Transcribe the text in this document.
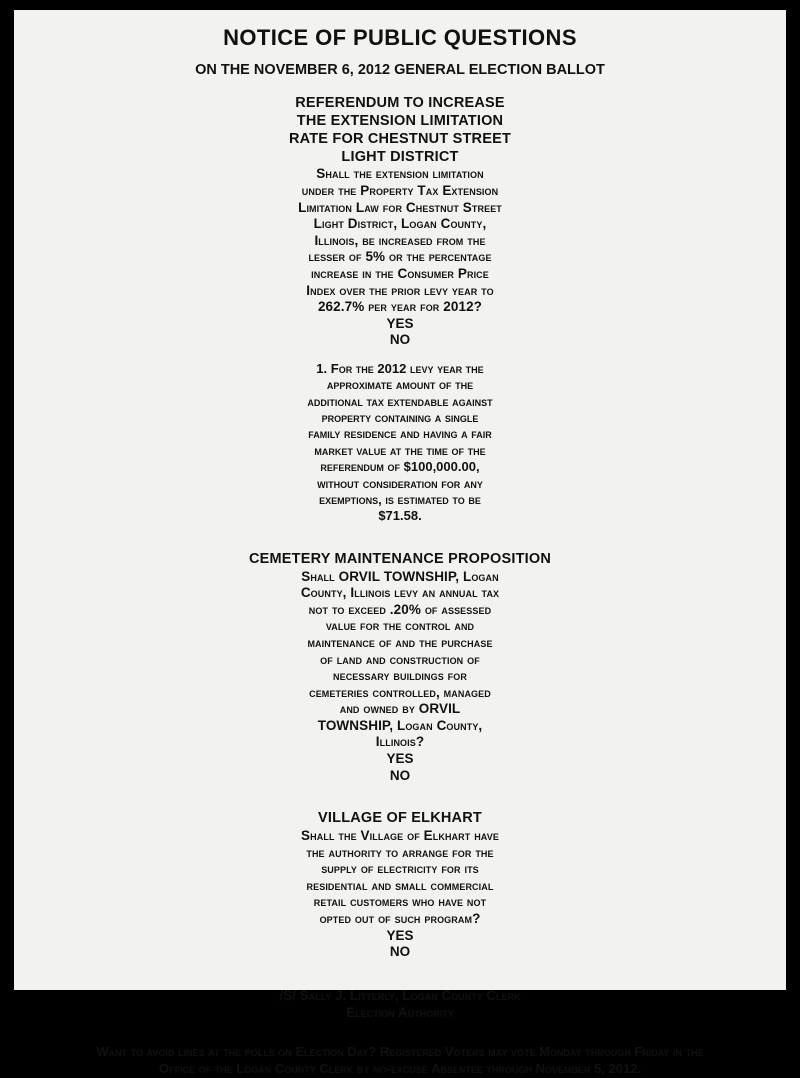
NOTICE OF PUBLIC QUESTIONS
ON THE NOVEMBER 6, 2012 GENERAL ELECTION BALLOT
REFERENDUM TO INCREASE
THE EXTENSION LIMITATION
RATE FOR CHESTNUT STREET
LIGHT DISTRICT
Shall the extension limitation
under the Property Tax Extension
Limitation Law for Chestnut Street
Light District, Logan County,
Illinois, be increased from the
lesser of 5% or the percentage
increase in the Consumer Price
Index over the prior levy year to
262.7% per year for 2012?
YES
NO
1. For the 2012 levy year the
approximate amount of the
additional tax extendable against
property containing a single
family residence and having a fair
market value at the time of the
referendum of $100,000.00,
without consideration for any
exemptions, is estimated to be
$71.58.
CEMETERY MAINTENANCE PROPOSITION
Shall ORVIL TOWNSHIP, Logan
County, Illinois levy an annual tax
not to exceed .20% of assessed
value for the control and
maintenance of and the purchase
of land and construction of
necessary buildings for
cemeteries controlled, managed
and owned by ORVIL
TOWNSHIP, Logan County,
Illinois?
YES
NO
VILLAGE OF ELKHART
Shall the Village of Elkhart have
the authority to arrange for the
supply of electricity for its
residential and small commercial
retail customers who have not
opted out of such program?
YES
NO
/S/ Sally J. Litterly, Logan County Clerk
Election Authority
Want to avoid lines at the polls on Election Day? Registered Voters may vote Monday through Friday in the
Office of the Logan County Clerk by no-excuse Absentee through November 5, 2012.
